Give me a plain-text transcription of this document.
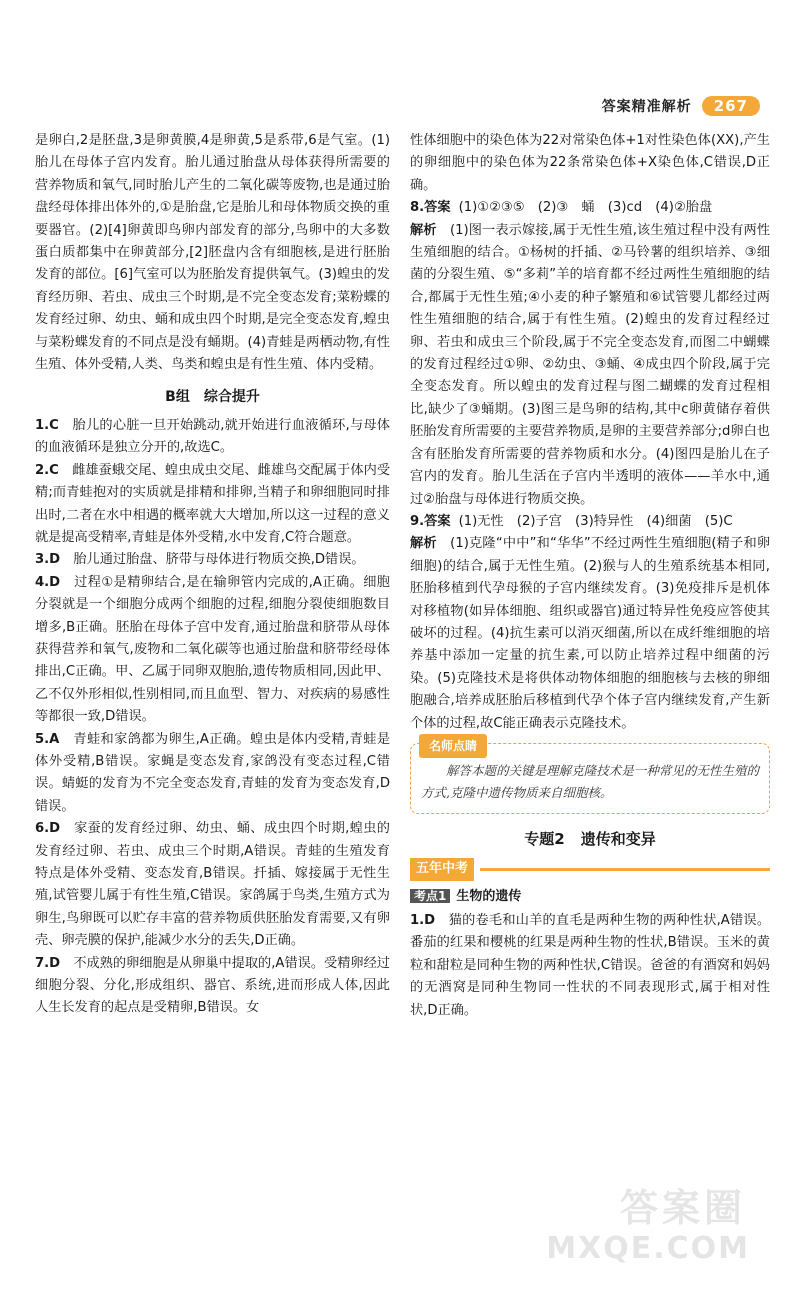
答案精准解析	267

是卵白,2是胚盘,3是卵黄膜,4是卵黄,5是系带,6是气室。(1)胎儿在母体子宫内发育。胎儿通过胎盘从母体获得所需要的营养物质和氧气,同时胎儿产生的二氧化碳等废物,也是通过胎盘经母体排出体外的,①是胎盘,它是胎儿和母体物质交换的重要器官。(2)[4]卵黄即鸟卵内部发育的部分,鸟卵中的大多数蛋白质都集中在卵黄部分,[2]胚盘内含有细胞核,是进行胚胎发育的部位。[6]气室可以为胚胎发育提供氧气。(3)蝗虫的发育经历卵、若虫、成虫三个时期,是不完全变态发育;菜粉蝶的发育经过卵、幼虫、蛹和成虫四个时期,是完全变态发育,蝗虫与菜粉蝶发育的不同点是没有蛹期。(4)青蛙是两栖动物,有性生殖、体外受精,人类、鸟类和蝗虫是有性生殖、体内受精。

B组　综合提升

1.C　 胎儿的心脏一旦开始跳动,就开始进行血液循环,与母体的血液循环是独立分开的,故选C。

2.C　 雌雄蚕蛾交尾、蝗虫成虫交尾、雌雄鸟交配属于体内受精;而青蛙抱对的实质就是排精和排卵,当精子和卵细胞同时排出时,二者在水中相遇的概率就大大增加,所以这一过程的意义就是提高受精率,青蛙是体外受精,水中发育,C符合题意。

3.D　 胎儿通过胎盘、脐带与母体进行物质交换,D错误。

4.D　 过程①是精卵结合,是在输卵管内完成的,A正确。细胞分裂就是一个细胞分成两个细胞的过程,细胞分裂使细胞数目增多,B正确。胚胎在母体子宫中发育,通过胎盘和脐带从母体获得营养和氧气,废物和二氧化碳等也通过胎盘和脐带经母体排出,C正确。甲、乙属于同卵双胞胎,遗传物质相同,因此甲、乙不仅外形相似,性别相同,而且血型、智力、对疾病的易感性等都很一致,D错误。

5.A　 青蛙和家鸽都为卵生,A正确。蝗虫是体内受精,青蛙是体外受精,B错误。家蝇是变态发育,家鸽没有变态过程,C错误。蜻蜓的发育为不完全变态发育,青蛙的发育为变态发育,D错误。

6.D　 家蚕的发育经过卵、幼虫、蛹、成虫四个时期,蝗虫的发育经过卵、若虫、成虫三个时期,A错误。青蛙的生殖发育特点是体外受精、变态发育,B错误。扦插、嫁接属于无性生殖,试管婴儿属于有性生殖,C错误。家鸽属于鸟类,生殖方式为卵生,鸟卵既可以贮存丰富的营养物质供胚胎发育需要,又有卵壳、卵壳膜的保护,能减少水分的丢失,D正确。

7.D　 不成熟的卵细胞是从卵巢中提取的,A错误。受精卵经过细胞分裂、分化,形成组织、器官、系统,进而形成人体,因此人生长发育的起点是受精卵,B错误。女

性体细胞中的染色体为22对常染色体+1对性染色体(XX),产生的卵细胞中的染色体为22条常染色体+X染色体,C错误,D正确。

8.答案 (1)①②③⑤　(2)③　蛹　(3)cd　(4)②胎盘

解析　 (1)图一表示嫁接,属于无性生殖,该生殖过程中没有两性生殖细胞的结合。①杨树的扦插、②马铃薯的组织培养、③细菌的分裂生殖、⑤“多莉”羊的培育都不经过两性生殖细胞的结合,都属于无性生殖;④小麦的种子繁殖和⑥试管婴儿都经过两性生殖细胞的结合,属于有性生殖。(2)蝗虫的发育过程经过卵、若虫和成虫三个阶段,属于不完全变态发育,而图二中蝴蝶的发育过程经过①卵、②幼虫、③蛹、④成虫四个阶段,属于完全变态发育。所以蝗虫的发育过程与图二蝴蝶的发育过程相比,缺少了③蛹期。(3)图三是鸟卵的结构,其中c卵黄储存着供胚胎发育所需要的主要营养物质,是卵的主要营养部分;d卵白也含有胚胎发育所需要的营养物质和水分。(4)图四是胎儿在子宫内的发育。胎儿生活在子宫内半透明的液体——羊水中,通过②胎盘与母体进行物质交换。

9.答案 (1)无性　(2)子宫　(3)特异性　(4)细菌　(5)C

解析　 (1)克隆“中中”和“华华”不经过两性生殖细胞(精子和卵细胞)的结合,属于无性生殖。(2)猴与人的生殖系统基本相同,胚胎移植到代孕母猴的子宫内继续发育。(3)免疫排斥是机体对移植物(如异体细胞、组织或器官)通过特异性免疫应答使其破坏的过程。(4)抗生素可以消灭细菌,所以在成纤维细胞的培养基中添加一定量的抗生素,可以防止培养过程中细菌的污染。(5)克隆技术是将供体动物体细胞的细胞核与去核的卵细胞融合,培养成胚胎后移植到代孕个体子宫内继续发育,产生新个体的过程,故C能正确表示克隆技术。

名师点睛

解答本题的关键是理解克隆技术是一种常见的无性生殖的方式,克隆中遗传物质来自细胞核。

专题2 遗传和变异
五年中考
考点1 生物的遗传

1.D　 猫的卷毛和山羊的直毛是两种生物的两种性状,A错误。番茄的红果和樱桃的红果是两种生物的性状,B错误。玉米的黄粒和甜粒是同种生物的两种性状,C错误。爸爸的有酒窝和妈妈的无酒窝是同种生物同一性状的不同表现形式,属于相对性状,D正确。

答案圈
MXQE.COM
